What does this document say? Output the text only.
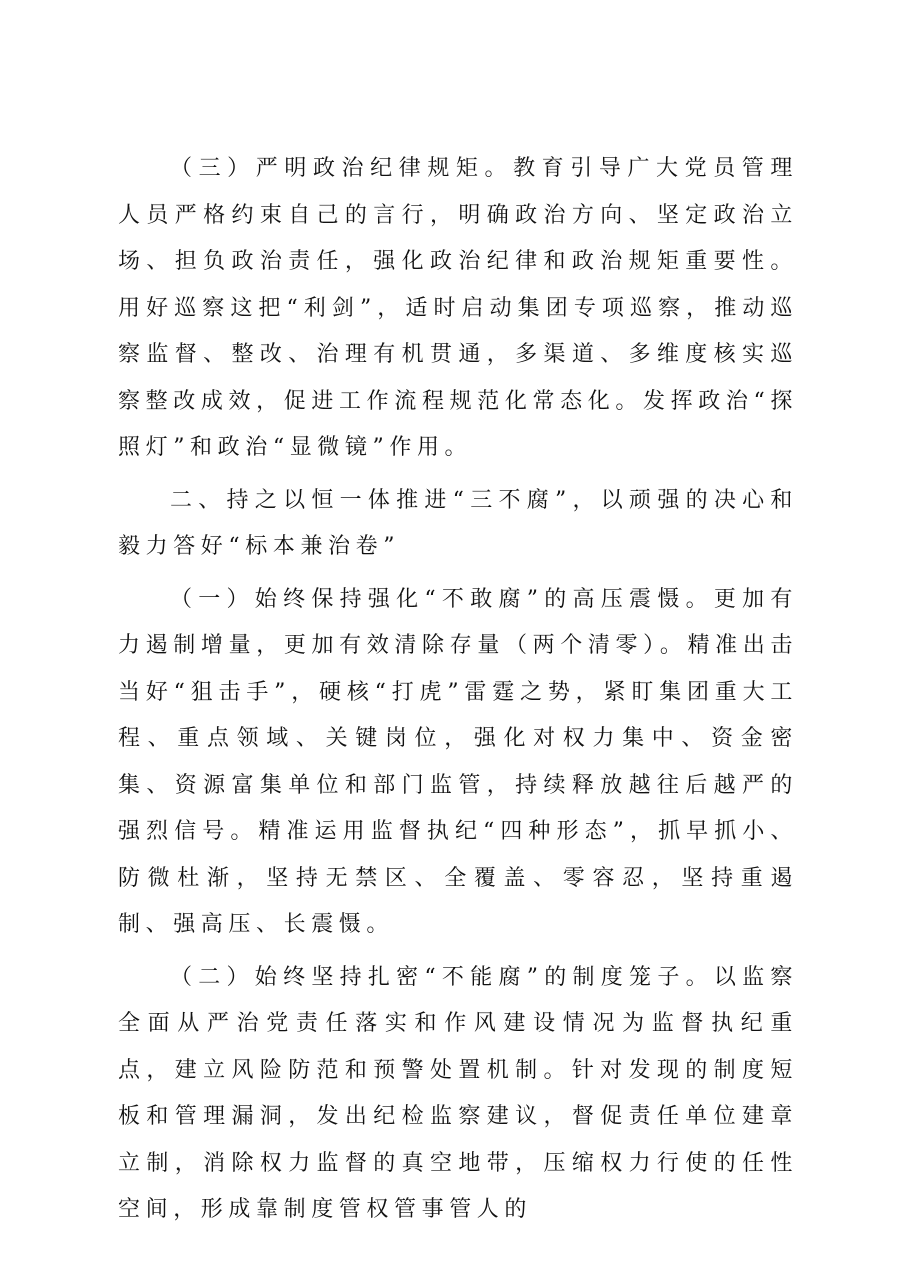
（三）严明政治纪律规矩。教育引导广大党员管理人员严格约束自己的言行，明确政治方向、坚定政治立场、担负政治责任，强化政治纪律和政治规矩重要性。用好巡察这把“利剑”，适时启动集团专项巡察，推动巡察监督、整改、治理有机贯通，多渠道、多维度核实巡察整改成效，促进工作流程规范化常态化。发挥政治“探照灯”和政治“显微镜”作用。

二、持之以恒一体推进“三不腐”，以顽强的决心和毅力答好“标本兼治卷”

（一）始终保持强化“不敢腐”的高压震慑。更加有力遏制增量，更加有效清除存量（两个清零）。精准出击当好“狙击手”，硬核“打虎”雷霆之势，紧盯集团重大工程、重点领域、关键岗位，强化对权力集中、资金密集、资源富集单位和部门监管，持续释放越往后越严的强烈信号。精准运用监督执纪“四种形态”，抓早抓小、防微杜渐，坚持无禁区、全覆盖、零容忍，坚持重遏制、强高压、长震慑。

（二）始终坚持扎密“不能腐”的制度笼子。以监察全面从严治党责任落实和作风建设情况为监督执纪重点，建立风险防范和预警处置机制。针对发现的制度短板和管理漏洞，发出纪检监察建议，督促责任单位建章立制，消除权力监督的真空地带，压缩权力行使的任性空间，形成靠制度管权管事管人的
